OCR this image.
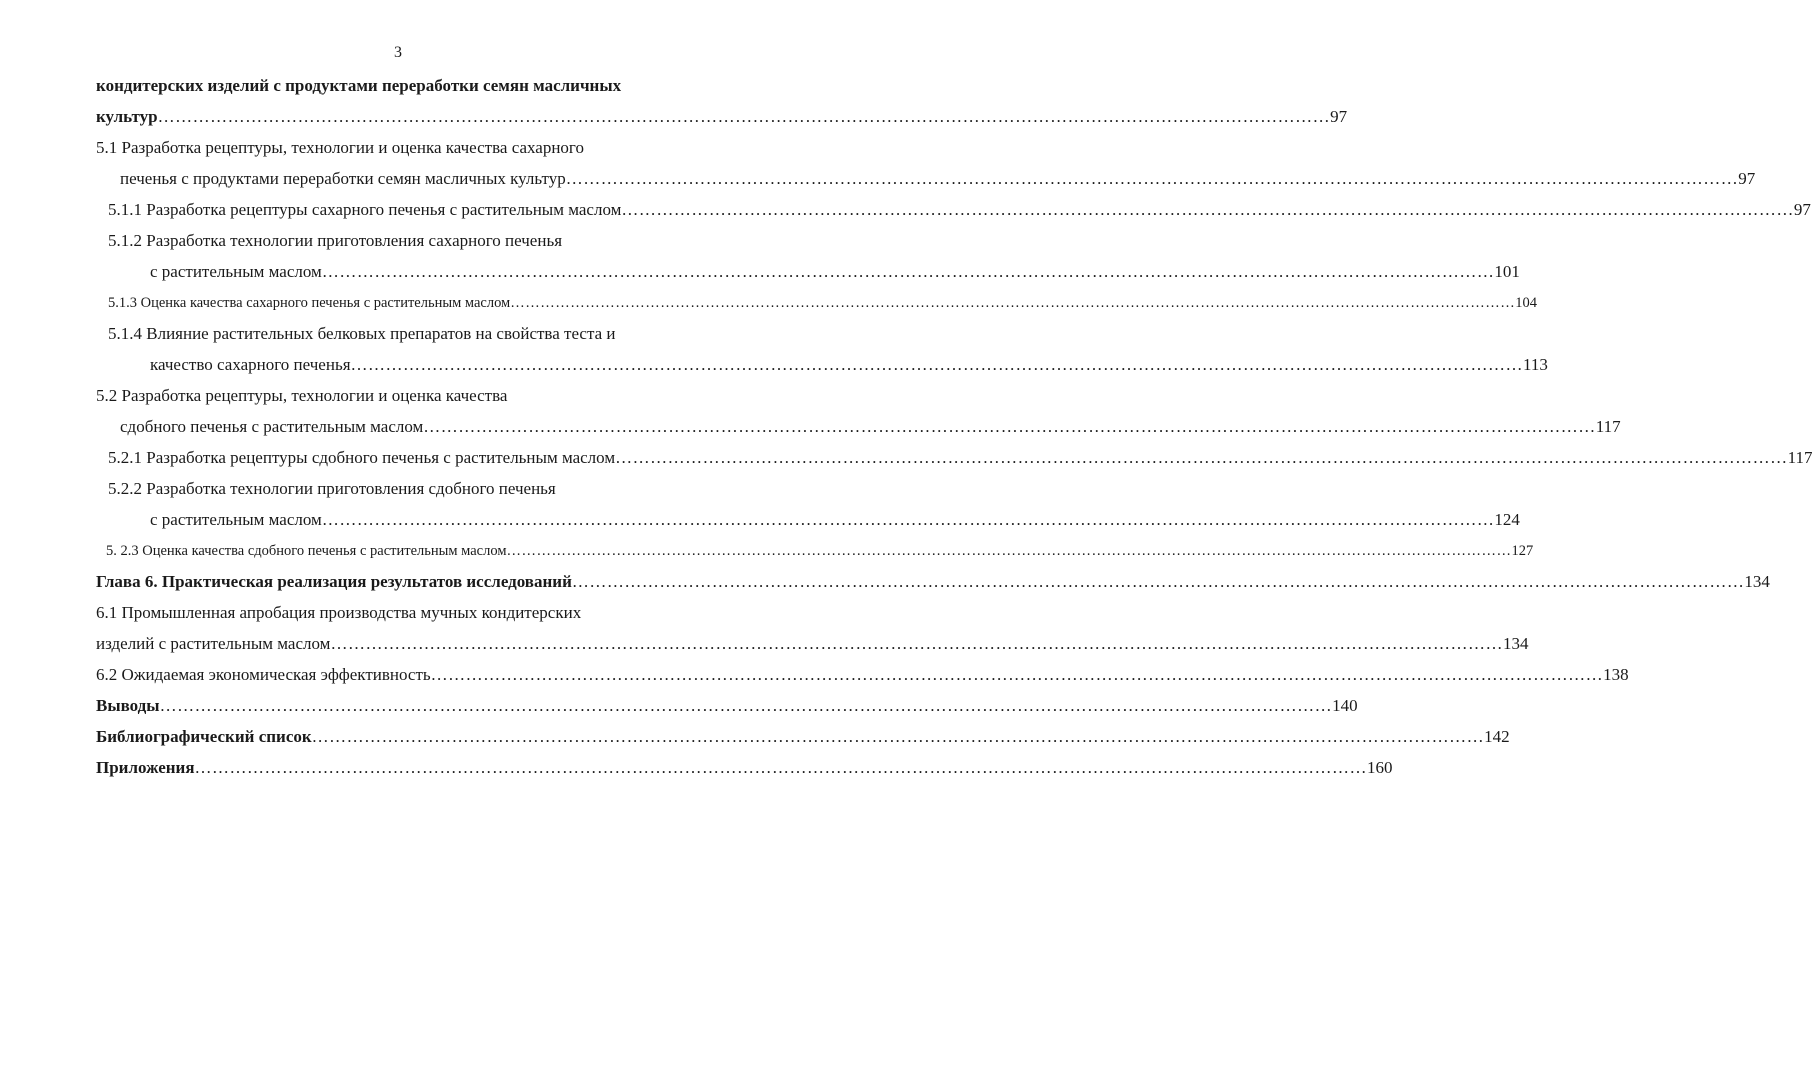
3
кондитерских изделий с продуктами переработки семян масличных
культур ………………………………………………………………………………………………………………………………………………………………………………… 97
5.1 Разработка рецептуры, технологии и оценка качества сахарного
печенья с продуктами переработки семян масличных культур ………………………………………………………………………………………………………………………………………………………………………………… 97
5.1.1 Разработка рецептуры сахарного печенья с растительным маслом ………………………………………………………………………………………………………………………………………………………………………………… 97
5.1.2 Разработка технологии приготовления сахарного печенья
с растительным маслом ………………………………………………………………………………………………………………………………………………………………………………… 101
5.1.3 Оценка качества сахарного печенья с растительным маслом ………………………………………………………………………………………………………………………………………………………………………………… 104
5.1.4 Влияние растительных белковых препаратов на свойства теста и
качество сахарного печенья ………………………………………………………………………………………………………………………………………………………………………………… 113
5.2 Разработка рецептуры, технологии и оценка качества
сдобного печенья с растительным маслом ………………………………………………………………………………………………………………………………………………………………………………… 117
5.2.1 Разработка рецептуры сдобного печенья с растительным маслом ………………………………………………………………………………………………………………………………………………………………………………… 117
5.2.2 Разработка технологии приготовления сдобного печенья
с растительным маслом ………………………………………………………………………………………………………………………………………………………………………………… 124
5. 2.3 Оценка качества сдобного печенья с растительным маслом ………………………………………………………………………………………………………………………………………………………………………………… 127
Глава 6. Практическая реализация результатов исследований ………………………………………………………………………………………………………………………………………………………………………………… 134
6.1 Промышленная апробация производства мучных кондитерских
изделий с растительным маслом ………………………………………………………………………………………………………………………………………………………………………………… 134
6.2 Ожидаемая экономическая эффективность ………………………………………………………………………………………………………………………………………………………………………………… 138
Выводы ………………………………………………………………………………………………………………………………………………………………………………… 140
Библиографический список ………………………………………………………………………………………………………………………………………………………………………………… 142
Приложения ………………………………………………………………………………………………………………………………………………………………………………… 160
